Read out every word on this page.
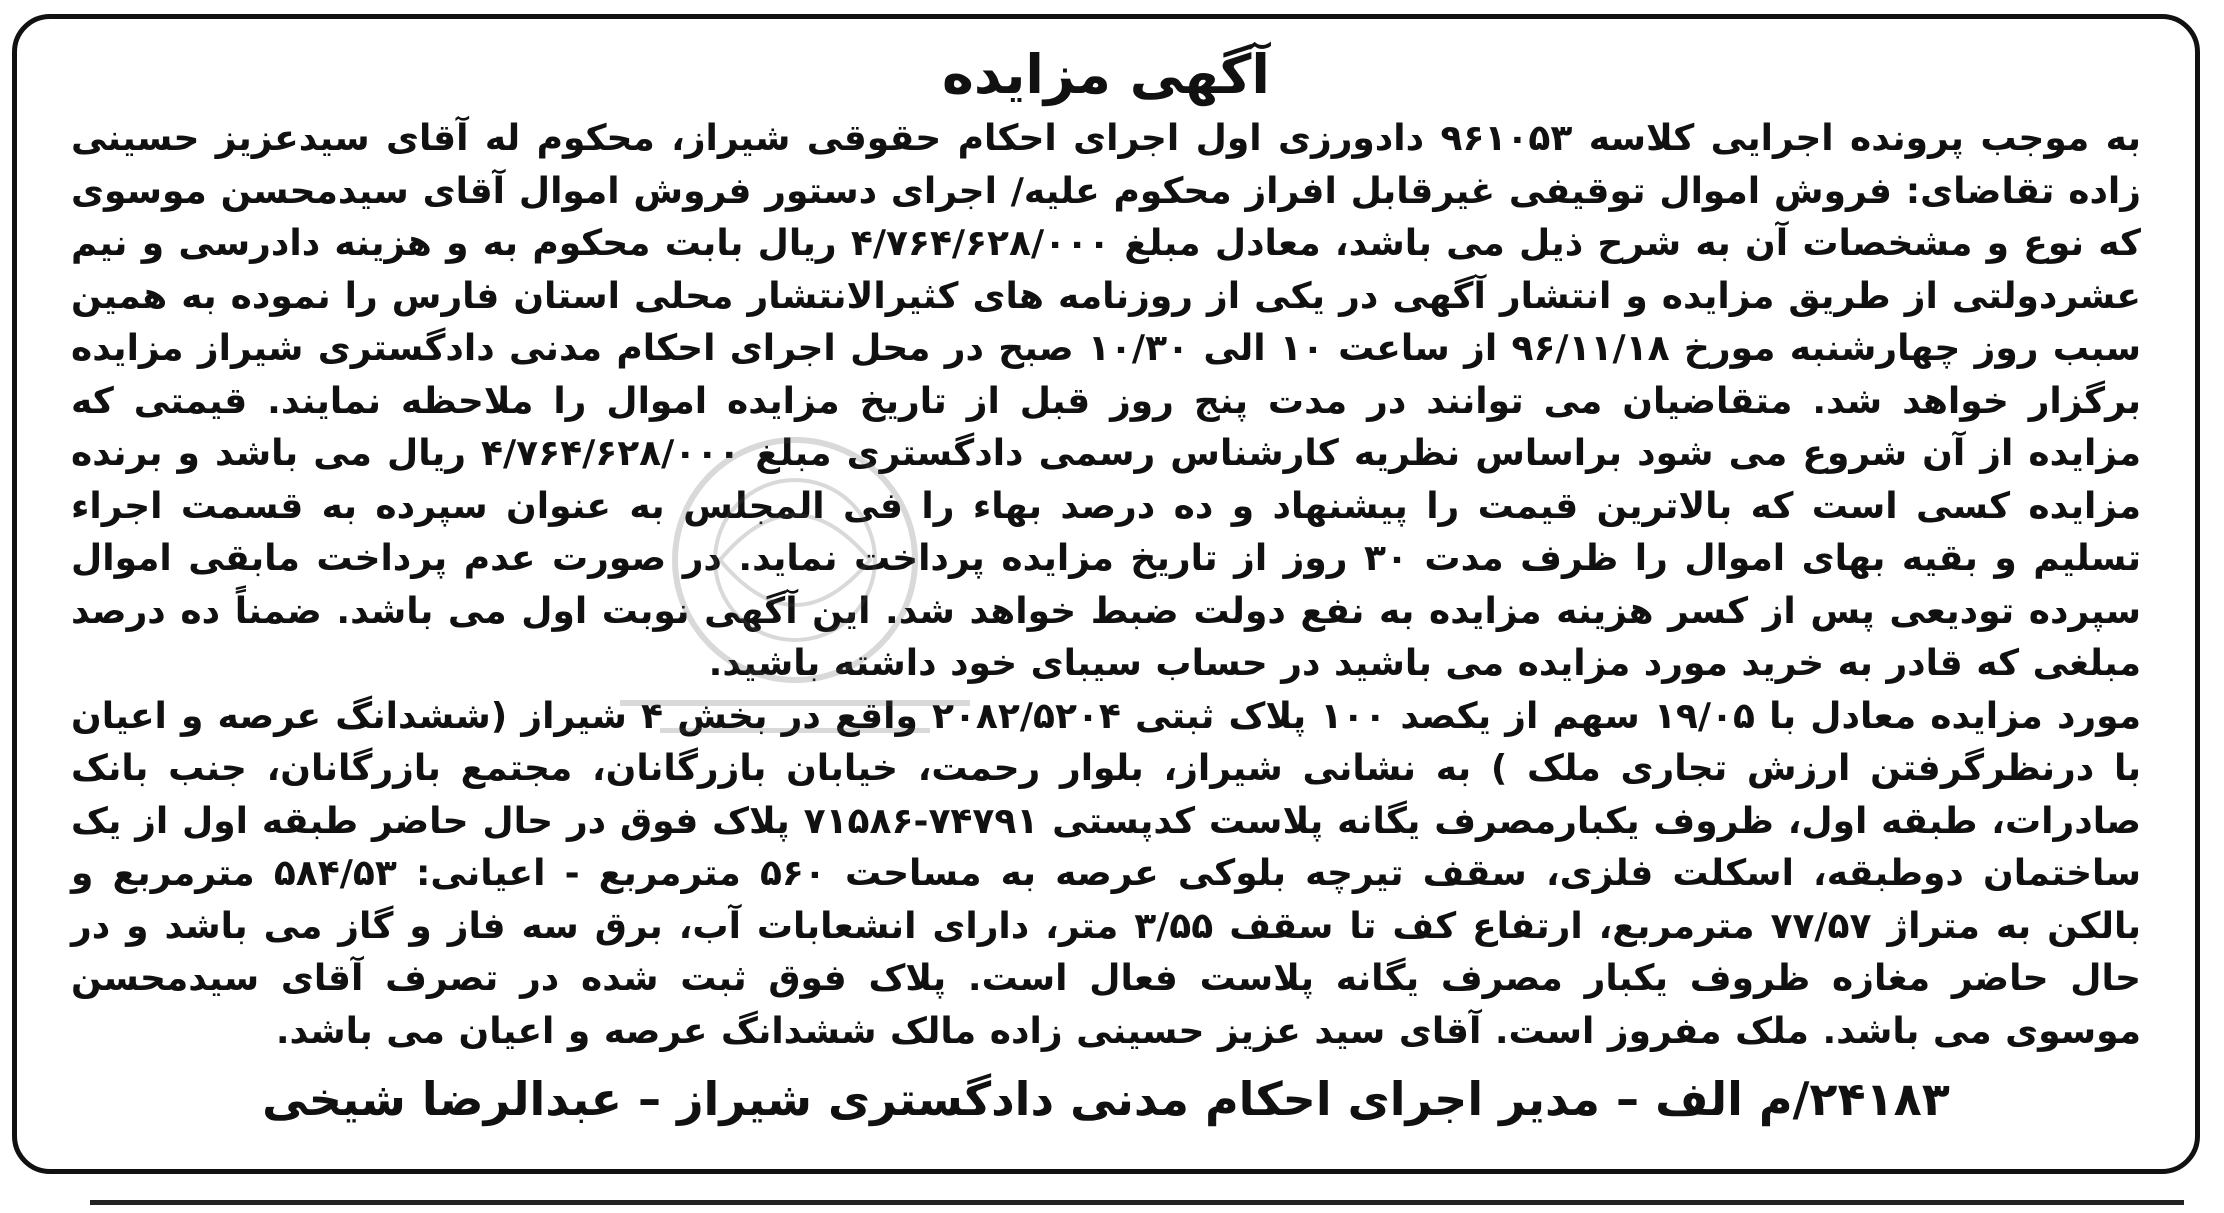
آگهی مزایده

به موجب پرونده اجرایی کلاسه ۹۶۱۰۵۳ دادورزی اول اجرای احکام حقوقی شیراز، محکوم له آقای سیدعزیز حسینی زاده تقاضای: فروش اموال توقیفی غیرقابل افراز محکوم علیه/ اجرای دستور فروش اموال آقای سیدمحسن موسوی که نوع و مشخصات آن به شرح ذیل می باشد، معادل مبلغ ۴/۷۶۴/۶۲۸/۰۰۰ ریال بابت محکوم به و هزینه دادرسی و نیم عشردولتی از طریق مزایده و انتشار آگهی در یکی از روزنامه های کثیرالانتشار محلی استان فارس را نموده به همین سبب روز چهارشنبه مورخ ۹۶/۱۱/۱۸ از ساعت ۱۰ الی ۱۰/۳۰ صبح در محل اجرای احکام مدنی دادگستری شیراز مزایده برگزار خواهد شد. متقاضیان می توانند در مدت پنج روز قبل از تاریخ مزایده اموال را ملاحظه نمایند. قیمتی که مزایده از آن شروع می شود براساس نظریه کارشناس رسمی دادگستری مبلغ ۴/۷۶۴/۶۲۸/۰۰۰ ریال می باشد و برنده مزایده کسی است که بالاترین قیمت را پیشنهاد و ده درصد بهاء را فی المجلس به عنوان سپرده به قسمت اجراء تسلیم و بقیه بهای اموال را ظرف مدت ۳۰ روز از تاریخ مزایده پرداخت نماید. در صورت عدم پرداخت مابقی اموال سپرده تودیعی پس از کسر هزینه مزایده به نفع دولت ضبط خواهد شد. این آگهی نوبت اول می باشد. ضمناً ده درصد مبلغی که قادر به خرید مورد مزایده می باشید در حساب سیبای خود داشته باشید.

مورد مزایده معادل با ۱۹/۰۵ سهم از یکصد ۱۰۰ پلاک ثبتی ۲۰۸۲/۵۲۰۴ واقع در بخش ۴ شیراز (ششدانگ عرصه و اعیان با درنظرگرفتن ارزش تجاری ملک ) به نشانی شیراز، بلوار رحمت، خیابان بازرگانان، مجتمع بازرگانان، جنب بانک صادرات، طبقه اول، ظروف یکبارمصرف یگانه پلاست کدپستی ۷۴۷۹۱-۷۱۵۸۶ پلاک فوق در حال حاضر طبقه اول از یک ساختمان دوطبقه، اسکلت فلزی، سقف تیرچه بلوکی عرصه به مساحت ۵۶۰ مترمربع - اعیانی: ۵۸۴/۵۳ مترمربع و بالکن به متراژ ۷۷/۵۷ مترمربع، ارتفاع کف تا سقف ۳/۵۵ متر، دارای انشعابات آب، برق سه فاز و گاز می باشد و در حال حاضر مغازه ظروف یکبار مصرف یگانه پلاست فعال است. پلاک فوق ثبت شده در تصرف آقای سیدمحسن موسوی می باشد. ملک مفروز است. آقای سید عزیز حسینی زاده مالک ششدانگ عرصه و اعیان می باشد.

۲۴۱۸۳/م الف – مدیر اجرای احکام مدنی دادگستری شیراز – عبدالرضا شیخی
